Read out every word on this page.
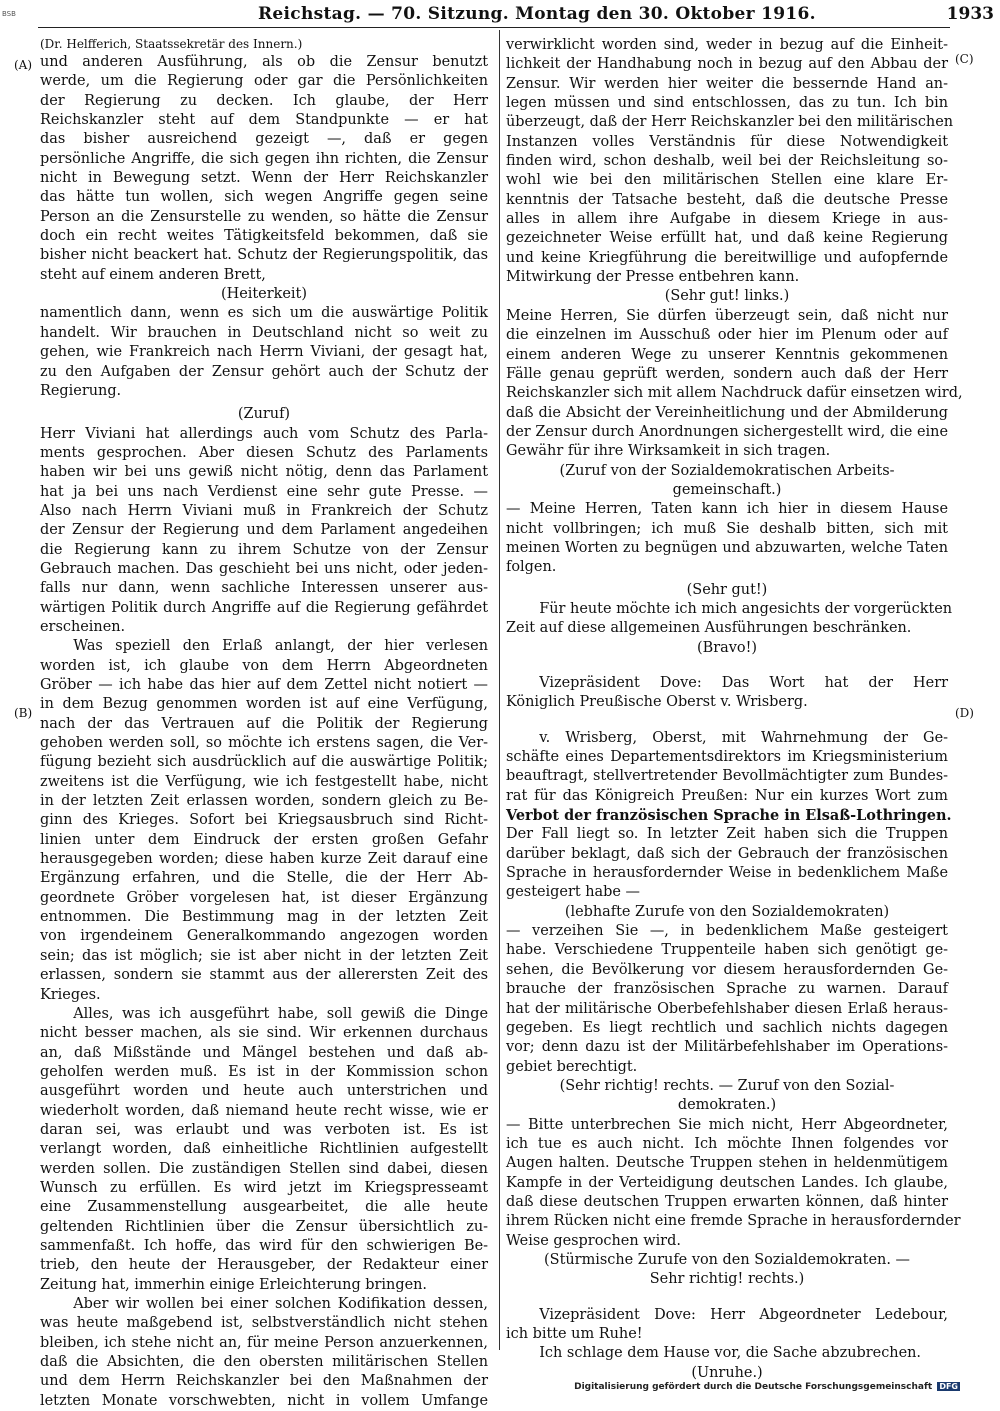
BSB	Reichstag. — 70. Sitzung. Montag den 30. Oktober 1916.	1933
(A)
(B)
(C)
(D)

(Dr. Helfferich, Staatssekretär des Innern.)

und anderen Ausführung, als ob die Zensur benutzt
werde, um die Regierung oder gar die Persönlichkeiten
der Regierung zu decken. Ich glaube, der Herr
Reichskanzler steht auf dem Standpunkte — er hat
das bisher ausreichend gezeigt —, daß er gegen
persönliche Angriffe, die sich gegen ihn richten, die Zensur
nicht in Bewegung setzt. Wenn der Herr Reichskanzler
das hätte tun wollen, sich wegen Angriffe gegen seine
Person an die Zensurstelle zu wenden, so hätte die Zensur
doch ein recht weites Tätigkeitsfeld bekommen, daß sie
bisher nicht beackert hat. Schutz der Regierungspolitik, das
steht auf einem anderen Brett,

(Heiterkeit)

namentlich dann, wenn es sich um die auswärtige Politik
handelt. Wir brauchen in Deutschland nicht so weit zu
gehen, wie Frankreich nach Herrn Viviani, der gesagt hat,
zu den Aufgaben der Zensur gehört auch der Schutz der
Regierung.

(Zuruf)

Herr Viviani hat allerdings auch vom Schutz des Parla-
ments gesprochen. Aber diesen Schutz des Parlaments
haben wir bei uns gewiß nicht nötig, denn das Parlament
hat ja bei uns nach Verdienst eine sehr gute Presse. —
Also nach Herrn Viviani muß in Frankreich der Schutz
der Zensur der Regierung und dem Parlament angedeihen
die Regierung kann zu ihrem Schutze von der Zensur
Gebrauch machen. Das geschieht bei uns nicht, oder jeden-
falls nur dann, wenn sachliche Interessen unserer aus-
wärtigen Politik durch Angriffe auf die Regierung gefährdet
erscheinen.

Was speziell den Erlaß anlangt, der hier verlesen
worden ist, ich glaube von dem Herrn Abgeordneten
Gröber — ich habe das hier auf dem Zettel nicht notiert —
in dem Bezug genommen worden ist auf eine Verfügung,
nach der das Vertrauen auf die Politik der Regierung
gehoben werden soll, so möchte ich erstens sagen, die Ver-
fügung bezieht sich ausdrücklich auf die auswärtige Politik;
zweitens ist die Verfügung, wie ich festgestellt habe, nicht
in der letzten Zeit erlassen worden, sondern gleich zu Be-
ginn des Krieges. Sofort bei Kriegsausbruch sind Richt-
linien unter dem Eindruck der ersten großen Gefahr
herausgegeben worden; diese haben kurze Zeit darauf eine
Ergänzung erfahren, und die Stelle, die der Herr Ab-
geordnete Gröber vorgelesen hat, ist dieser Ergänzung
entnommen. Die Bestimmung mag in der letzten Zeit
von irgendeinem Generalkommando angezogen worden
sein; das ist möglich; sie ist aber nicht in der letzten Zeit
erlassen, sondern sie stammt aus der allerersten Zeit des
Krieges.

Alles, was ich ausgeführt habe, soll gewiß die Dinge
nicht besser machen, als sie sind. Wir erkennen durchaus
an, daß Mißstände und Mängel bestehen und daß ab-
geholfen werden muß. Es ist in der Kommission schon
ausgeführt worden und heute auch unterstrichen und
wiederholt worden, daß niemand heute recht wisse, wie er
daran sei, was erlaubt und was verboten ist. Es ist
verlangt worden, daß einheitliche Richtlinien aufgestellt
werden sollen. Die zuständigen Stellen sind dabei, diesen
Wunsch zu erfüllen. Es wird jetzt im Kriegspresseamt
eine Zusammenstellung ausgearbeitet, die alle heute
geltenden Richtlinien über die Zensur übersichtlich zu-
sammenfaßt. Ich hoffe, das wird für den schwierigen Be-
trieb, den heute der Herausgeber, der Redakteur einer
Zeitung hat, immerhin einige Erleichterung bringen.

Aber wir wollen bei einer solchen Kodifikation dessen,
was heute maßgebend ist, selbstverständlich nicht stehen
bleiben, ich stehe nicht an, für meine Person anzuerkennen,
daß die Absichten, die den obersten militärischen Stellen
und dem Herrn Reichskanzler bei den Maßnahmen der
letzten Monate vorschwebten, nicht in vollem Umfange

verwirklicht worden sind, weder in bezug auf die Einheit-
lichkeit der Handhabung noch in bezug auf den Abbau der
Zensur. Wir werden hier weiter die bessernde Hand an-
legen müssen und sind entschlossen, das zu tun. Ich bin
überzeugt, daß der Herr Reichskanzler bei den militärischen
Instanzen volles Verständnis für diese Notwendigkeit
finden wird, schon deshalb, weil bei der Reichsleitung so-
wohl wie bei den militärischen Stellen eine klare Er-
kenntnis der Tatsache besteht, daß die deutsche Presse
alles in allem ihre Aufgabe in diesem Kriege in aus-
gezeichneter Weise erfüllt hat, und daß keine Regierung
und keine Kriegführung die bereitwillige und aufopfernde
Mitwirkung der Presse entbehren kann.

(Sehr gut! links.)

Meine Herren, Sie dürfen überzeugt sein, daß nicht nur
die einzelnen im Ausschuß oder hier im Plenum oder auf
einem anderen Wege zu unserer Kenntnis gekommenen
Fälle genau geprüft werden, sondern auch daß der Herr
Reichskanzler sich mit allem Nachdruck dafür einsetzen wird,
daß die Absicht der Vereinheitlichung und der Abmilderung
der Zensur durch Anordnungen sichergestellt wird, die eine
Gewähr für ihre Wirksamkeit in sich tragen.

(Zuruf von der Sozialdemokratischen Arbeits-
gemeinschaft.)

— Meine Herren, Taten kann ich hier in diesem Hause
nicht vollbringen; ich muß Sie deshalb bitten, sich mit
meinen Worten zu begnügen und abzuwarten, welche Taten
folgen.

(Sehr gut!)

Für heute möchte ich mich angesichts der vorgerückten
Zeit auf diese allgemeinen Ausführungen beschränken.

(Bravo!)

Vizepräsident Dove: Das Wort hat der Herr
Königlich Preußische Oberst v. Wrisberg.

v. Wrisberg, Oberst, mit Wahrnehmung der Ge-
schäfte eines Departementsdirektors im Kriegsministerium
beauftragt, stellvertretender Bevollmächtigter zum Bundes-
rat für das Königreich Preußen: Nur ein kurzes Wort zum
Verbot der französischen Sprache in Elsaß-Lothringen.
Der Fall liegt so. In letzter Zeit haben sich die Truppen
darüber beklagt, daß sich der Gebrauch der französischen
Sprache in herausfordernder Weise in bedenklichem Maße
gesteigert habe —

(lebhafte Zurufe von den Sozialdemokraten)

— verzeihen Sie —, in bedenklichem Maße gesteigert
habe. Verschiedene Truppenteile haben sich genötigt ge-
sehen, die Bevölkerung vor diesem herausfordernden Ge-
brauche der französischen Sprache zu warnen. Darauf
hat der militärische Oberbefehlshaber diesen Erlaß heraus-
gegeben. Es liegt rechtlich und sachlich nichts dagegen
vor; denn dazu ist der Militärbefehlshaber im Operations-
gebiet berechtigt.

(Sehr richtig! rechts. — Zuruf von den Sozial-
demokraten.)

— Bitte unterbrechen Sie mich nicht, Herr Abgeordneter,
ich tue es auch nicht. Ich möchte Ihnen folgendes vor
Augen halten. Deutsche Truppen stehen in heldenmütigem
Kampfe in der Verteidigung deutschen Landes. Ich glaube,
daß diese deutschen Truppen erwarten können, daß hinter
ihrem Rücken nicht eine fremde Sprache in herausfordernder
Weise gesprochen wird.

(Stürmische Zurufe von den Sozialdemokraten. —
Sehr richtig! rechts.)

Vizepräsident Dove: Herr Abgeordneter Ledebour,
ich bitte um Ruhe!
Ich schlage dem Hause vor, die Sache abzubrechen.

(Unruhe.)
Digitalisierung gefördert durch die Deutsche Forschungsgemeinschaft DFG
